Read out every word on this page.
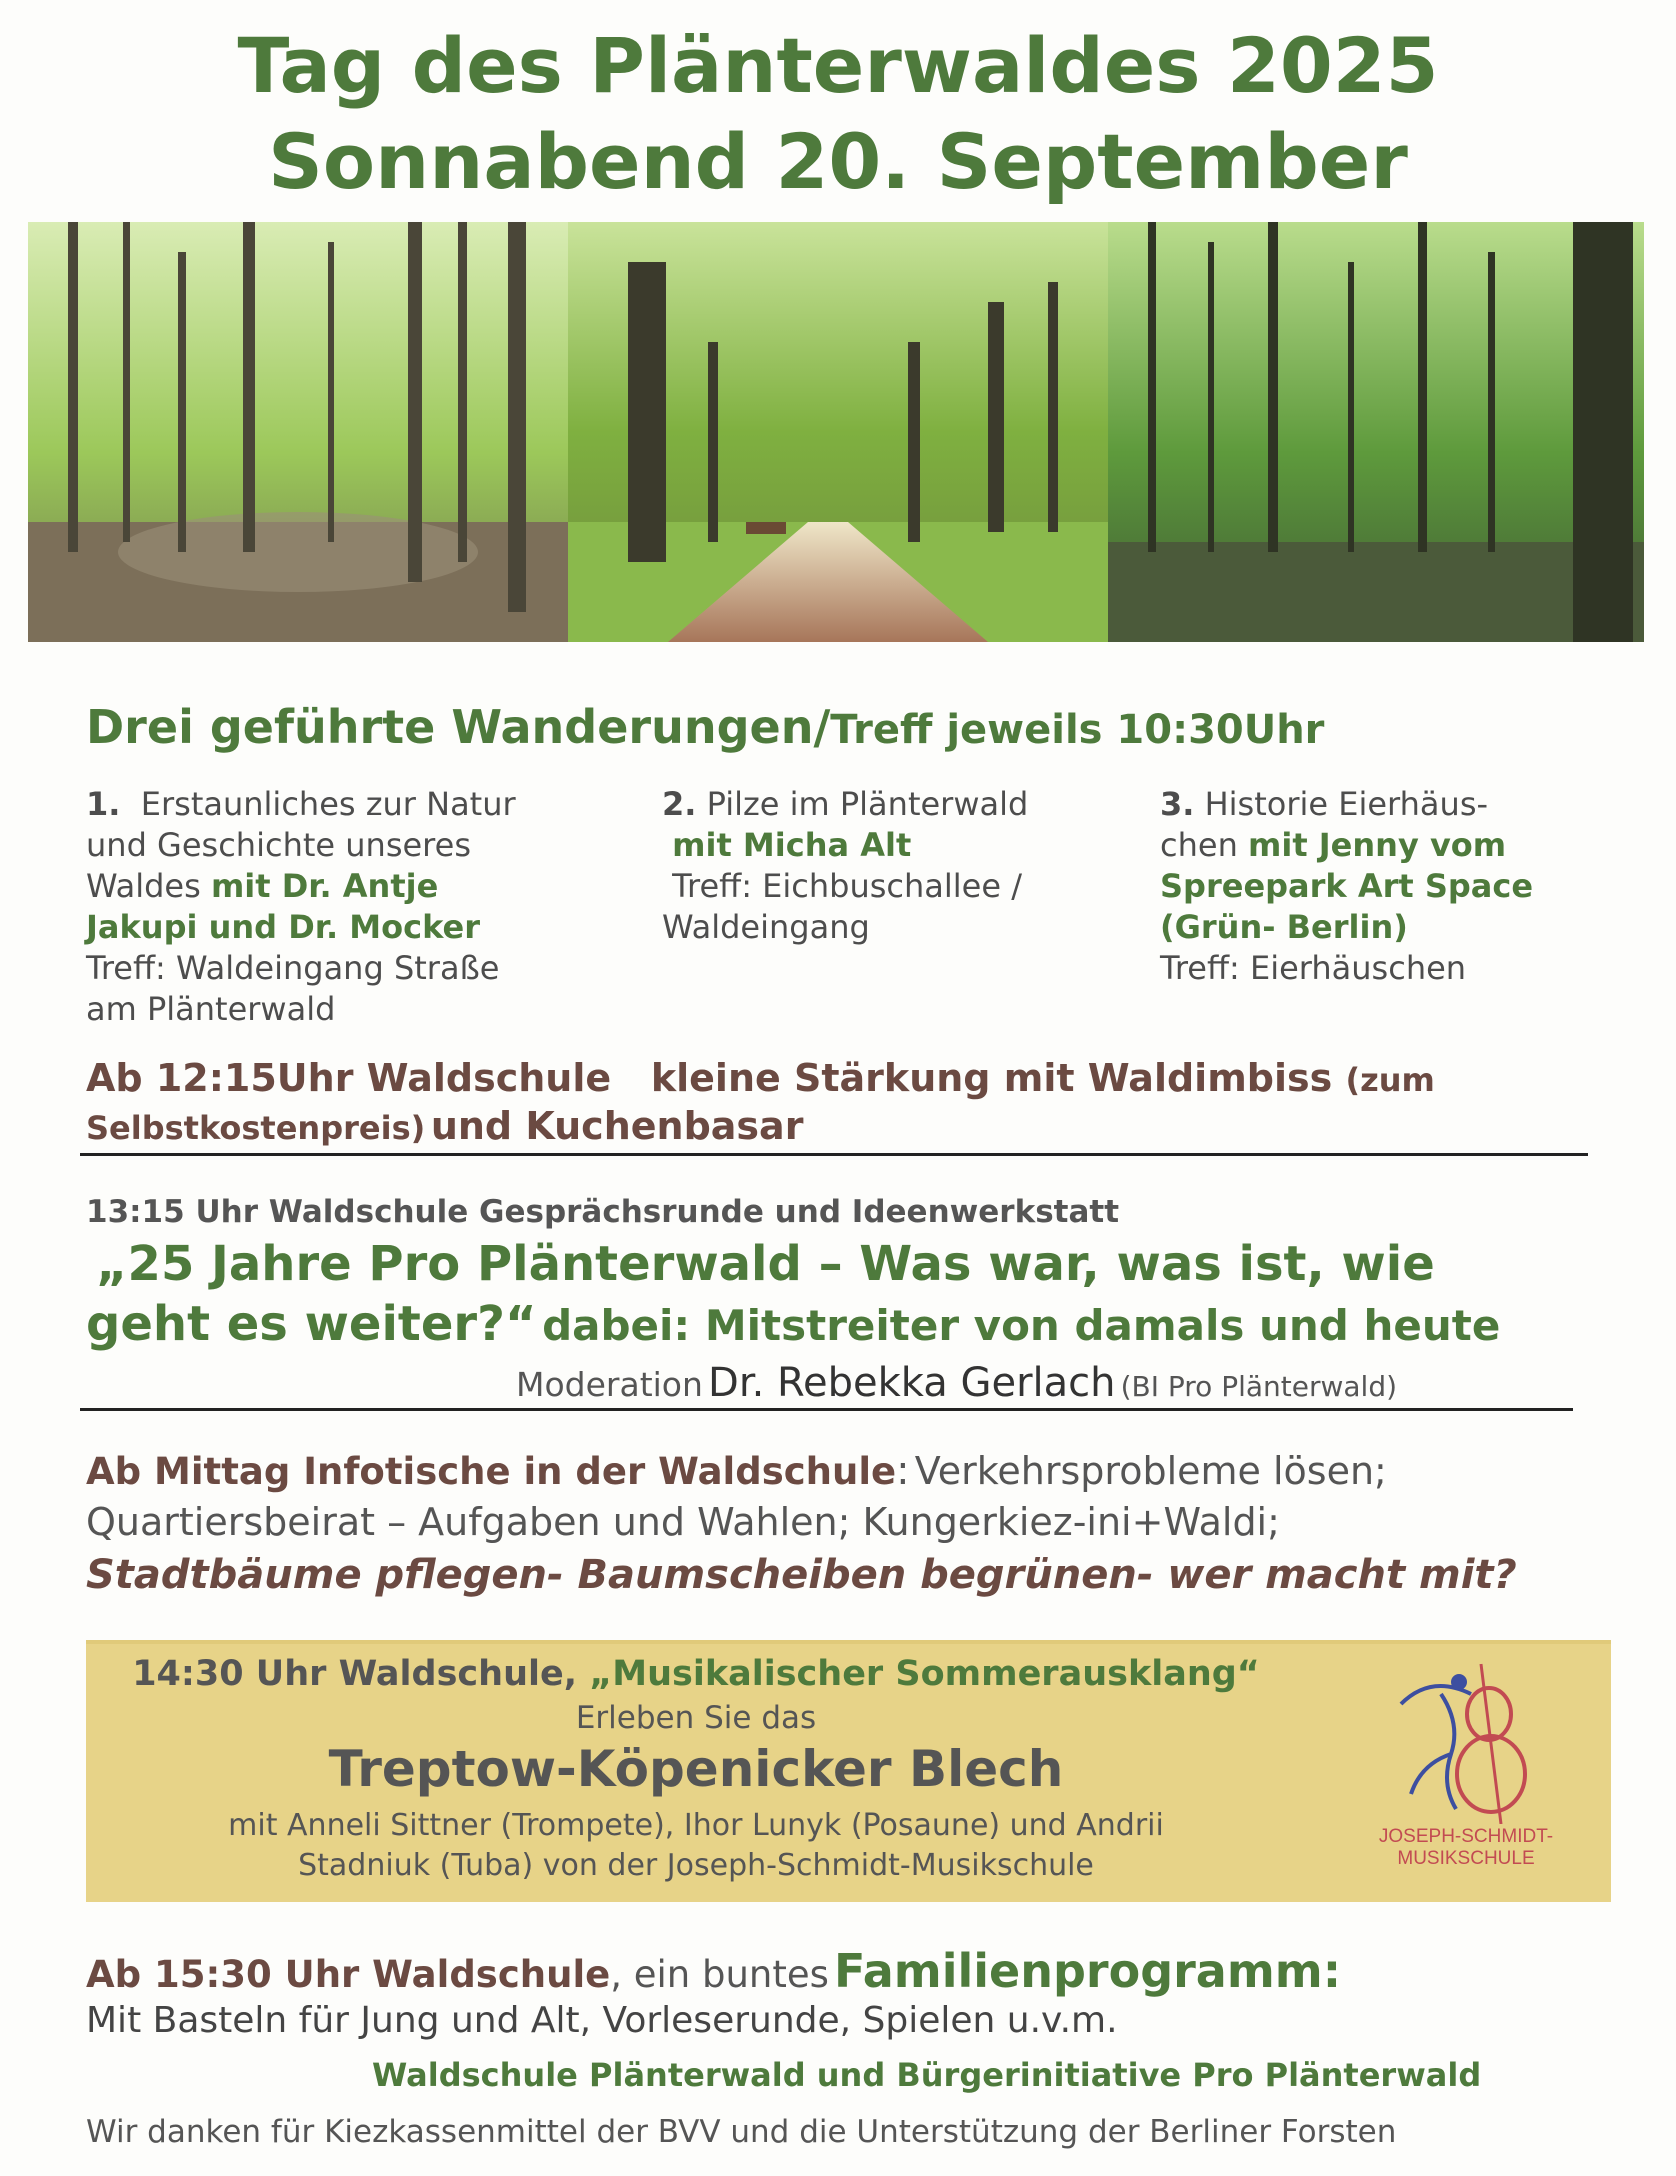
Tag des Plänterwaldes 2025
Sonnabend 20. September
Drei geführte Wanderungen/Treff jeweils 10:30Uhr
1. Erstaunliches zur Natur
und Geschichte unseres
Waldes mit Dr. Antje
Jakupi und Dr. Mocker
Treff: Waldeingang Straße
am Plänterwald
2. Pilze im Plänterwald
mit Micha Alt
Treff: Eichbuschallee /
Waldeingang
3. Historie Eierhäus-
chen mit Jenny vom
Spreepark Art Space
(Grün- Berlin)
Treff: Eierhäuschen
Ab 12:15Uhr Waldschule kleine Stärkung mit Waldimbiss (zum
Selbstkostenpreis) und Kuchenbasar
13:15 Uhr Waldschule Gesprächsrunde und Ideenwerkstatt
„25 Jahre Pro Plänterwald – Was war, was ist, wie
geht es weiter?“ dabei: Mitstreiter von damals und heute
Moderation Dr. Rebekka Gerlach (BI Pro Plänterwald)
Ab Mittag Infotische in der Waldschule: Verkehrsprobleme lösen;
Quartiersbeirat – Aufgaben und Wahlen; Kungerkiez-ini+Waldi;
Stadtbäume pflegen- Baumscheiben begrünen- wer macht mit?
14:30 Uhr Waldschule, „Musikalischer Sommerausklang“
Erleben Sie das
Treptow-Köpenicker Blech
mit Anneli Sittner (Trompete), Ihor Lunyk (Posaune) und Andrii
Stadniuk (Tuba) von der Joseph-Schmidt-Musikschule
JOSEPH-SCHMIDT-
MUSIKSCHULE
Ab 15:30 Uhr Waldschule, ein buntes Familienprogramm:
Mit Basteln für Jung und Alt, Vorleserunde, Spielen u.v.m.
Waldschule Plänterwald und Bürgerinitiative Pro Plänterwald
Wir danken für Kiezkassenmittel der BVV und die Unterstützung der Berliner Forsten
